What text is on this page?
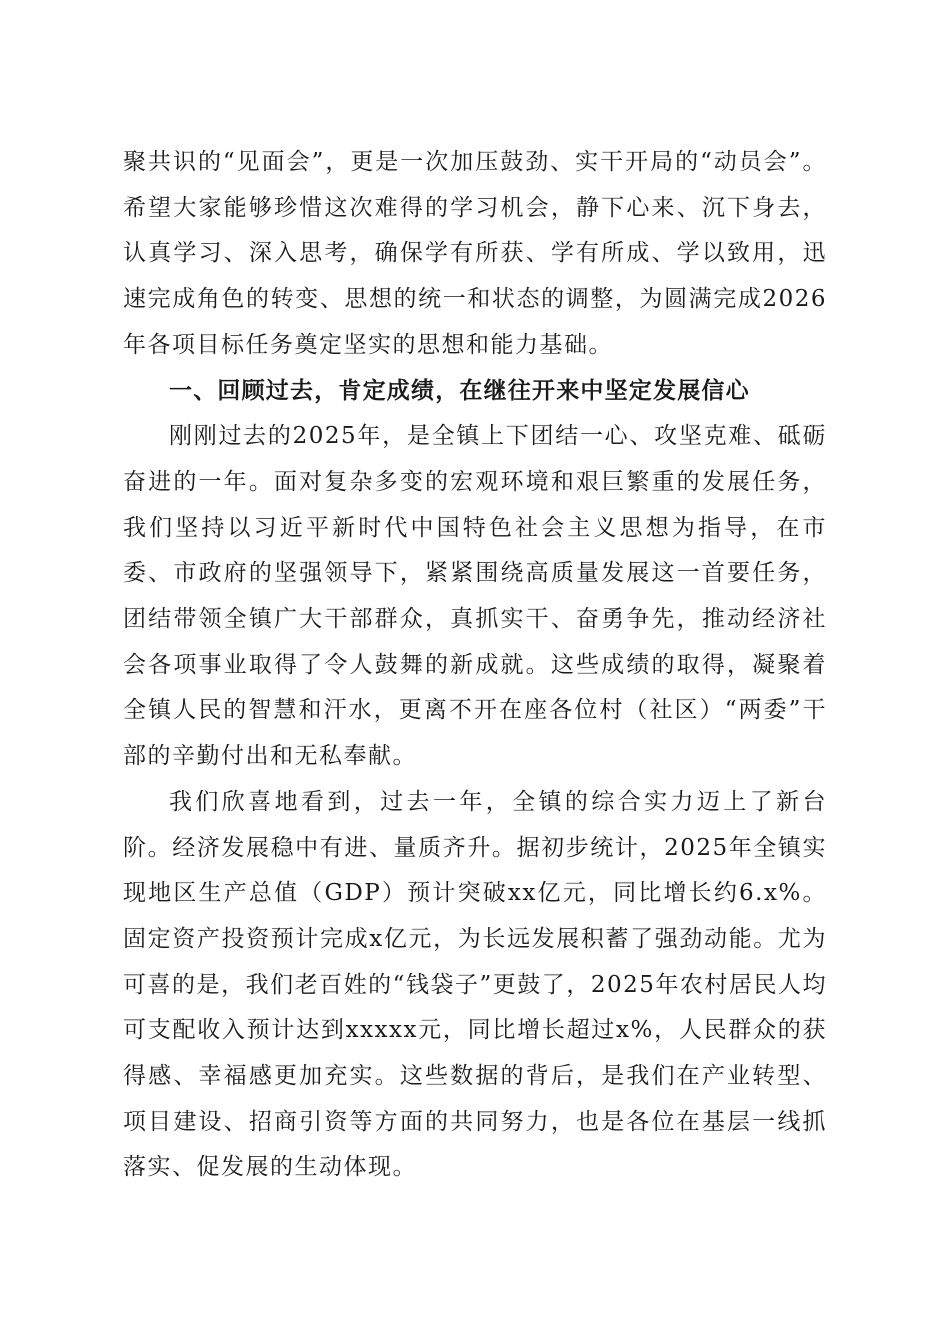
聚共识的“见面会”，更是一次加压鼓劲、实干开局的“动员会”。希望大家能够珍惜这次难得的学习机会，静下心来、沉下身去，认真学习、深入思考，确保学有所获、学有所成、学以致用，迅速完成角色的转变、思想的统一和状态的调整，为圆满完成2026年各项目标任务奠定坚实的思想和能力基础。

一、回顾过去，肯定成绩，在继往开来中坚定发展信心

刚刚过去的2025年，是全镇上下团结一心、攻坚克难、砥砺奋进的一年。面对复杂多变的宏观环境和艰巨繁重的发展任务，我们坚持以习近平新时代中国特色社会主义思想为指导，在市委、市政府的坚强领导下，紧紧围绕高质量发展这一首要任务，团结带领全镇广大干部群众，真抓实干、奋勇争先，推动经济社会各项事业取得了令人鼓舞的新成就。这些成绩的取得，凝聚着全镇人民的智慧和汗水，更离不开在座各位村（社区）“两委”干部的辛勤付出和无私奉献。

我们欣喜地看到，过去一年，全镇的综合实力迈上了新台阶。经济发展稳中有进、量质齐升。据初步统计，2025年全镇实现地区生产总值（GDP）预计突破xx亿元，同比增长约6.x%。固定资产投资预计完成x亿元，为长远发展积蓄了强劲动能。尤为可喜的是，我们老百姓的“钱袋子”更鼓了，2025年农村居民人均可支配收入预计达到xxxxx元，同比增长超过x%，人民群众的获得感、幸福感更加充实。这些数据的背后，是我们在产业转型、项目建设、招商引资等方面的共同努力，也是各位在基层一线抓落实、促发展的生动体现。
